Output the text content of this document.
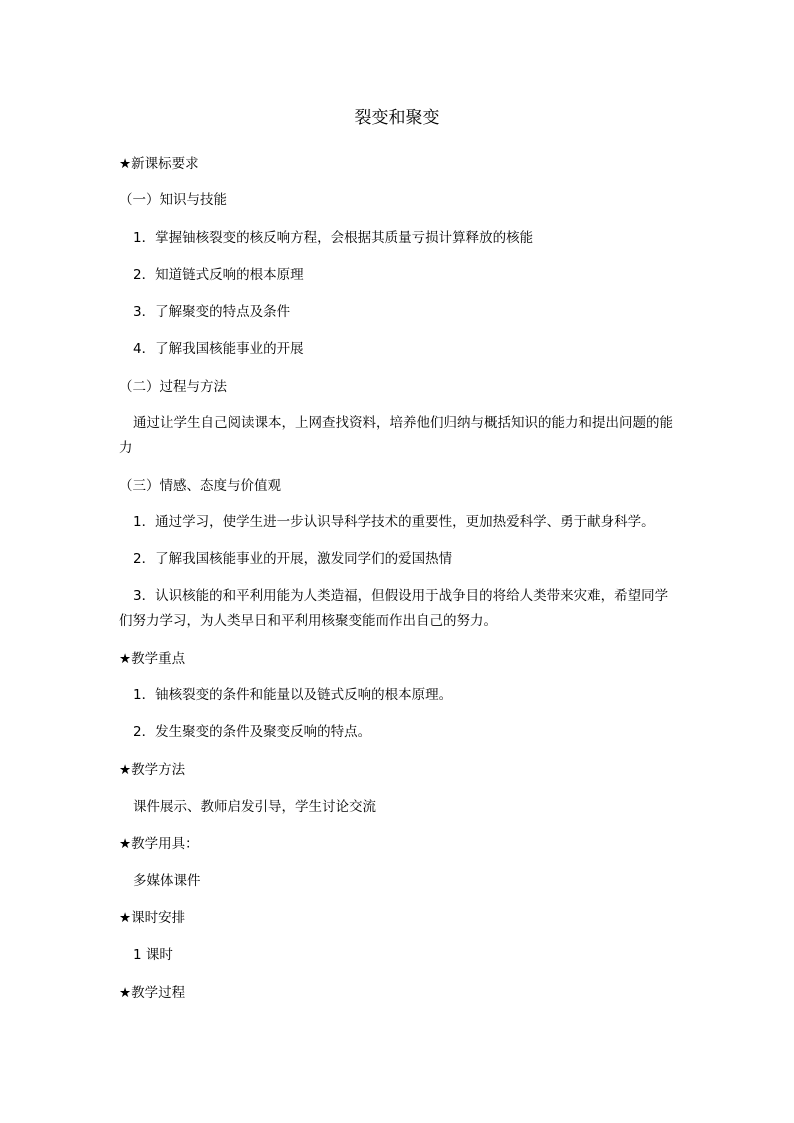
裂变和聚变
★新课标要求
（一）知识与技能
1．掌握铀核裂变的核反响方程，会根据其质量亏损计算释放的核能
2．知道链式反响的根本原理
3．了解聚变的特点及条件
4．了解我国核能事业的开展
（二）过程与方法
通过让学生自己阅读课本，上网查找资料，培养他们归纳与概括知识的能力和提出问题的能力
（三）情感、态度与价值观
1．通过学习，使学生进一步认识导科学技术的重要性，更加热爱科学、勇于献身科学。
2．了解我国核能事业的开展，激发同学们的爱国热情
3．认识核能的和平利用能为人类造福，但假设用于战争目的将给人类带来灾难，希望同学们努力学习，为人类早日和平利用核聚变能而作出自己的努力。
★教学重点
1．铀核裂变的条件和能量以及链式反响的根本原理。
2．发生聚变的条件及聚变反响的特点。
★教学方法
课件展示、教师启发引导，学生讨论交流
★教学用具：
多媒体课件
★课时安排
1 课时
★教学过程
